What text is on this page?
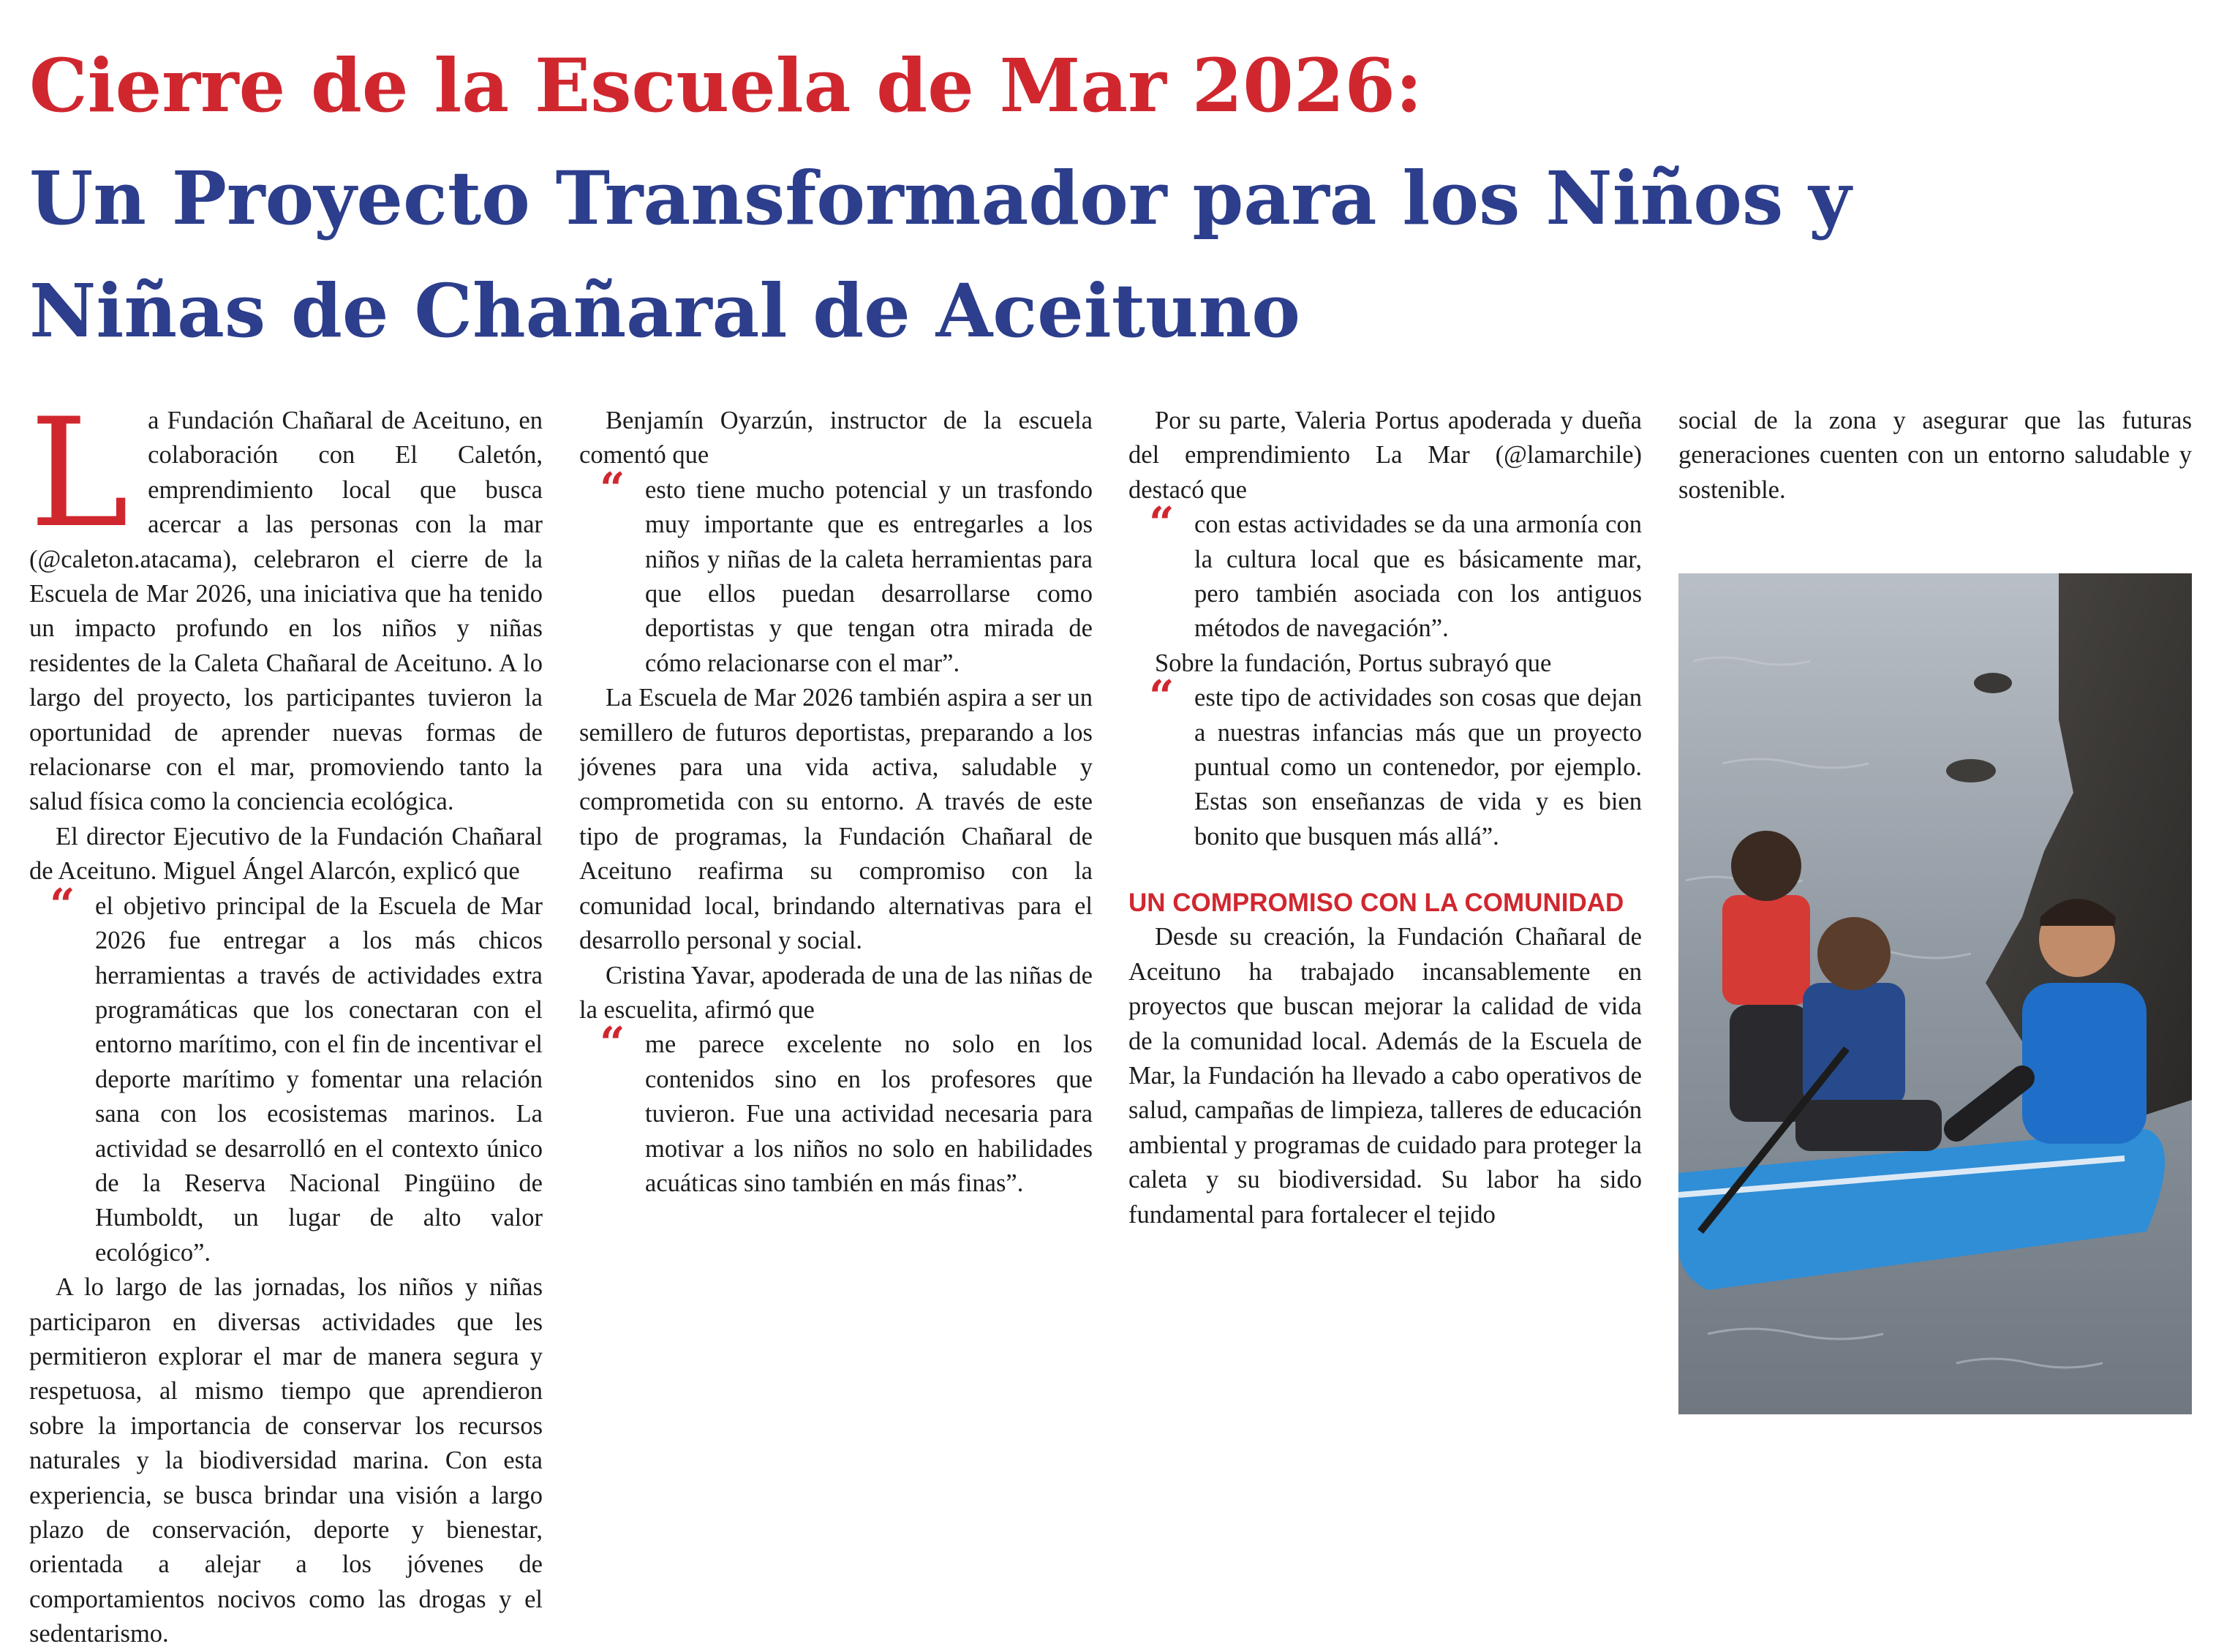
Cierre de la Escuela de Mar 2026:
Un Proyecto Transformador para los Niños y
Niñas de Chañaral de Aceituno

La Fundación Chañaral de Aceituno, en colaboración con El Caletón, emprendimiento local que busca acercar a las personas con la mar (@caleton.atacama), celebraron el cierre de la Escuela de Mar 2026, una iniciativa que ha tenido un impacto profundo en los niños y niñas residentes de la Caleta Chañaral de Aceituno. A lo largo del proyecto, los participantes tuvieron la oportunidad de aprender nuevas formas de relacionarse con el mar, promoviendo tanto la salud física como la conciencia ecológica.

El director Ejecutivo de la Fundación Chañaral de Aceituno. Miguel Ángel Alarcón, explicó que

“ el objetivo principal de la Escuela de Mar 2026 fue entregar a los más chicos herramientas a través de actividades extra programáticas que los conectaran con el entorno marítimo, con el fin de incentivar el deporte marítimo y fomentar una relación sana con los ecosistemas marinos. La actividad se desarrolló en el contexto único de la Reserva Nacional Pingüino de Humboldt, un lugar de alto valor ecológico”.

A lo largo de las jornadas, los niños y niñas participaron en diversas actividades que les permitieron explorar el mar de manera segura y respetuosa, al mismo tiempo que aprendieron sobre la importancia de conservar los recursos naturales y la biodiversidad marina. Con esta experiencia, se busca brindar una visión a largo plazo de conservación, deporte y bienestar, orientada a alejar a los jóvenes de comportamientos nocivos como las drogas y el sedentarismo.

Benjamín Oyarzún, instructor de la escuela comentó que

“ esto tiene mucho potencial y un trasfondo muy importante que es entregarles a los niños y niñas de la caleta herramientas para que ellos puedan desarrollarse como deportistas y que tengan otra mirada de cómo relacionarse con el mar”.

La Escuela de Mar 2026 también aspira a ser un semillero de futuros deportistas, preparando a los jóvenes para una vida activa, saludable y comprometida con su entorno. A través de este tipo de programas, la Fundación Chañaral de Aceituno reafirma su compromiso con la comunidad local, brindando alternativas para el desarrollo personal y social.

Cristina Yavar, apoderada de una de las niñas de la escuelita, afirmó que

“ me parece excelente no solo en los contenidos sino en los profesores que tuvieron. Fue una actividad necesaria para motivar a los niños no solo en habilidades acuáticas sino también en más finas”.

Por su parte, Valeria Portus apoderada y dueña del emprendimiento La Mar (@lamarchile) destacó que

“ con estas actividades se da una armonía con la cultura local que es básicamente mar, pero también asociada con los antiguos métodos de navegación”.

Sobre la fundación, Portus subrayó que

“ este tipo de actividades son cosas que dejan a nuestras infancias más que un proyecto puntual como un contenedor, por ejemplo. Estas son enseñanzas de vida y es bien bonito que busquen más allá”.

UN COMPROMISO CON LA COMUNIDAD

Desde su creación, la Fundación Chañaral de Aceituno ha trabajado incansablemente en proyectos que buscan mejorar la calidad de vida de la comunidad local. Además de la Escuela de Mar, la Fundación ha llevado a cabo operativos de salud, campañas de limpieza, talleres de educación ambiental y programas de cuidado para proteger la caleta y su biodiversidad. Su labor ha sido fundamental para fortalecer el tejido

social de la zona y asegurar que las futuras generaciones cuenten con un entorno saludable y sostenible.
